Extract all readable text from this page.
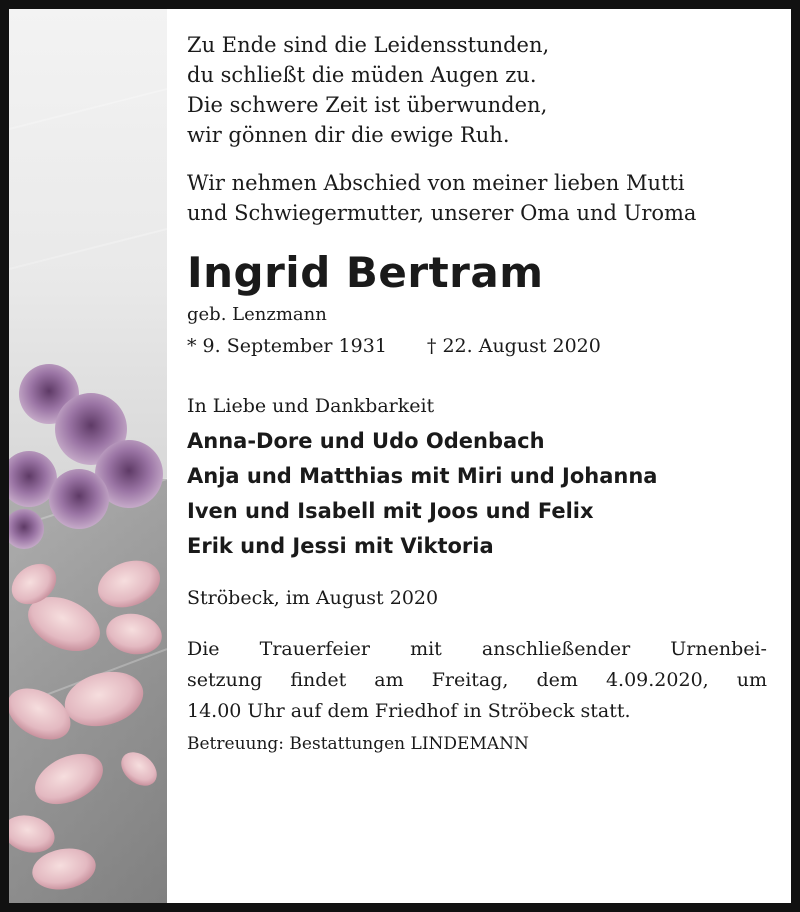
Zu Ende sind die Leidensstunden,
du schließt die müden Augen zu.
Die schwere Zeit ist überwunden,
wir gönnen dir die ewige Ruh.
Wir nehmen Abschied von meiner lieben Mutti
und Schwiegermutter, unserer Oma und Uroma
Ingrid Bertram
geb. Lenzmann
* 9. September 1931 † 22. August 2020
In Liebe und Dankbarkeit
Anna-Dore und Udo Odenbach
Anja und Matthias mit Miri und Johanna
Iven und Isabell mit Joos und Felix
Erik und Jessi mit Viktoria
Ströbeck, im August 2020
Die Trauerfeier mit anschließender Urnenbei-
setzung findet am Freitag, dem 4.09.2020, um
14.00 Uhr auf dem Friedhof in Ströbeck statt.
Betreuung: Bestattungen LINDEMANN
